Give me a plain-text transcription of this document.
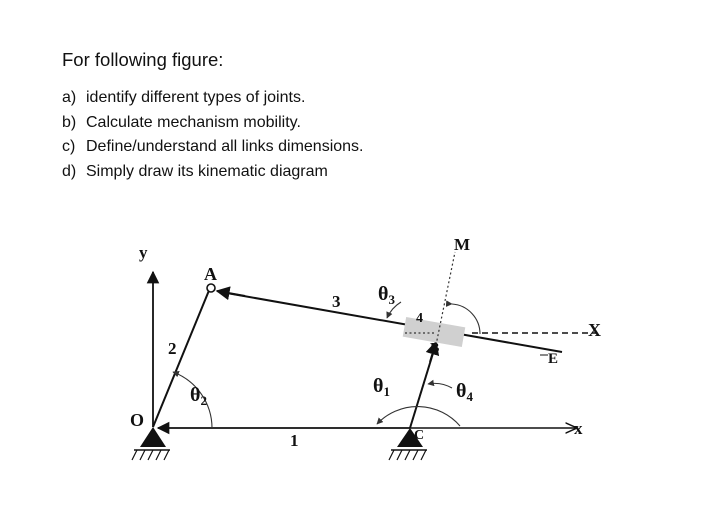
For following figure:
a) identify different types of joints.
b) Calculate mechanism mobility.
c) Define/understand all links dimensions.
d) Simply draw its kinematic diagram
y
O
A
2
3
4
1
B
C
E
M
X
x
$\theta_2$
$\theta_3$
$\theta_1$	$\theta_4$
